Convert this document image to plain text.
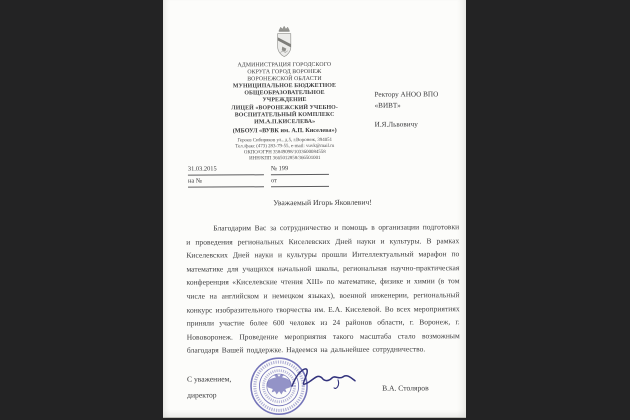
АДМИНИСТРАЦИЯ ГОРОДСКОГО
ОКРУГА ГОРОД ВОРОНЕЖ
ВОРОНЕЖСКОЙ ОБЛАСТИ
МУНИЦИПАЛЬНОЕ БЮДЖЕТНОЕ
ОБЩЕОБРАЗОВАТЕЛЬНОЕ
УЧРЕЖДЕНИЕ
ЛИЦЕЙ «ВОРОНЕЖСКИЙ УЧЕБНО-
ВОСПИТАТЕЛЬНЫЙ КОМПЛЕКС
ИМ.А.П.КИСЕЛЕВА»
(МБОУЛ «ВУВК им. А.П. Киселева»)
Героев Сибиряков ул., д.5, г.Воронеж, 394051
Тел./факс (473) 283-79-55, e-mail: vuvk@mail.ru
ОКПО/ОГРН 35849098/1033600084558
ИНН/КПП 3665012858/366501001
31.03.2015	№ 199
на №	от
Ректору АНОО ВПО
«ВИВТ»
И.Я.Львовичу
Уважаемый Игорь Яковлевич!
Благодарим Вас за сотрудничество и помощь в организации подготовки и проведения региональных Киселевских Дней науки и культуры. В рамках Киселевских Дней науки и культуры прошли Интеллектуальный марафон по математике для учащихся начальной школы, региональная научно-практическая конференция «Киселевские чтения XIII» по математике, физике и химии (в том числе на английском и немецком языках), военной инженерии, региональный конкурс изобразительного творчества им. Е.А. Киселевой. Во всех мероприятиях приняли участие более 600 человек из 24 районов области, г. Воронеж, г. Нововоронеж. Проведение мероприятия такого масштаба стало возможным благодаря Вашей поддержке. Надеемся на дальнейшее сотрудничество.
С уважением,
директор
В.А. Столяров
